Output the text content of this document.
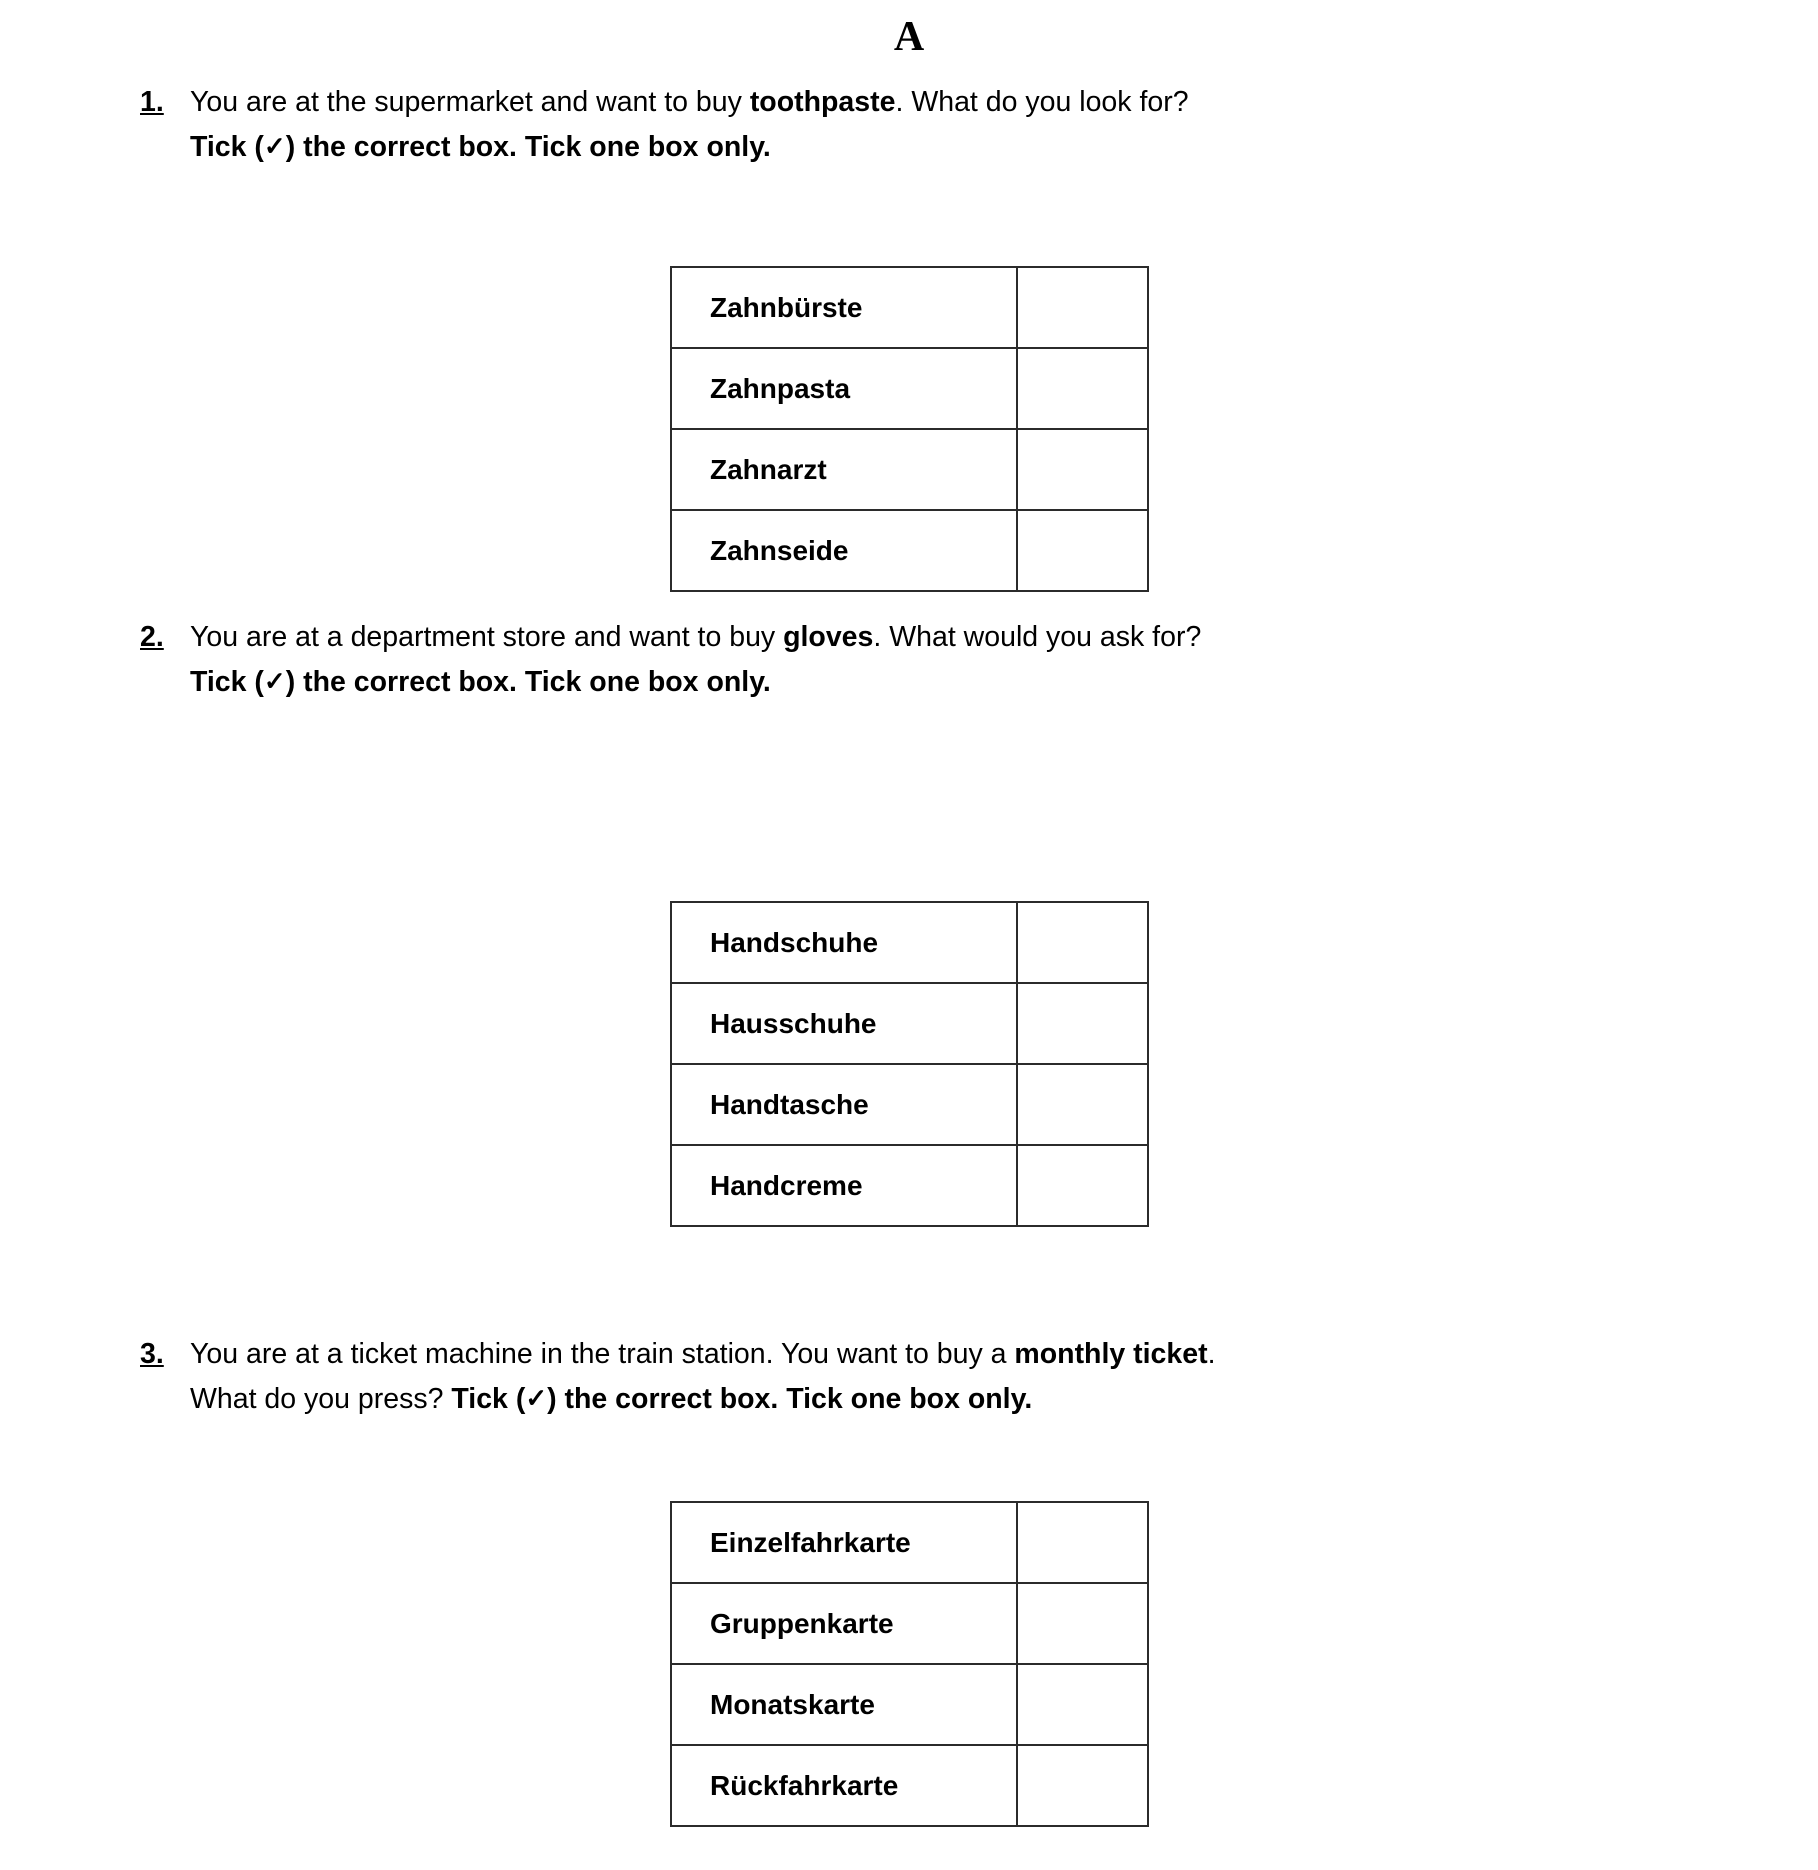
A
1. You are at the supermarket and want to buy toothpaste. What do you look for?
Tick (✓) the correct box. Tick one box only.
Zahnbürste	
Zahnpasta	
Zahnarzt	
Zahnseide	
2. You are at a department store and want to buy gloves. What would you ask for?
Tick (✓) the correct box. Tick one box only.
Handschuhe	
Hausschuhe	
Handtasche	
Handcreme	
3. You are at a ticket machine in the train station. You want to buy a monthly ticket.
What do you press? Tick (✓) the correct box. Tick one box only.
Einzelfahrkarte	
Gruppenkarte	
Monatskarte	
Rückfahrkarte	
